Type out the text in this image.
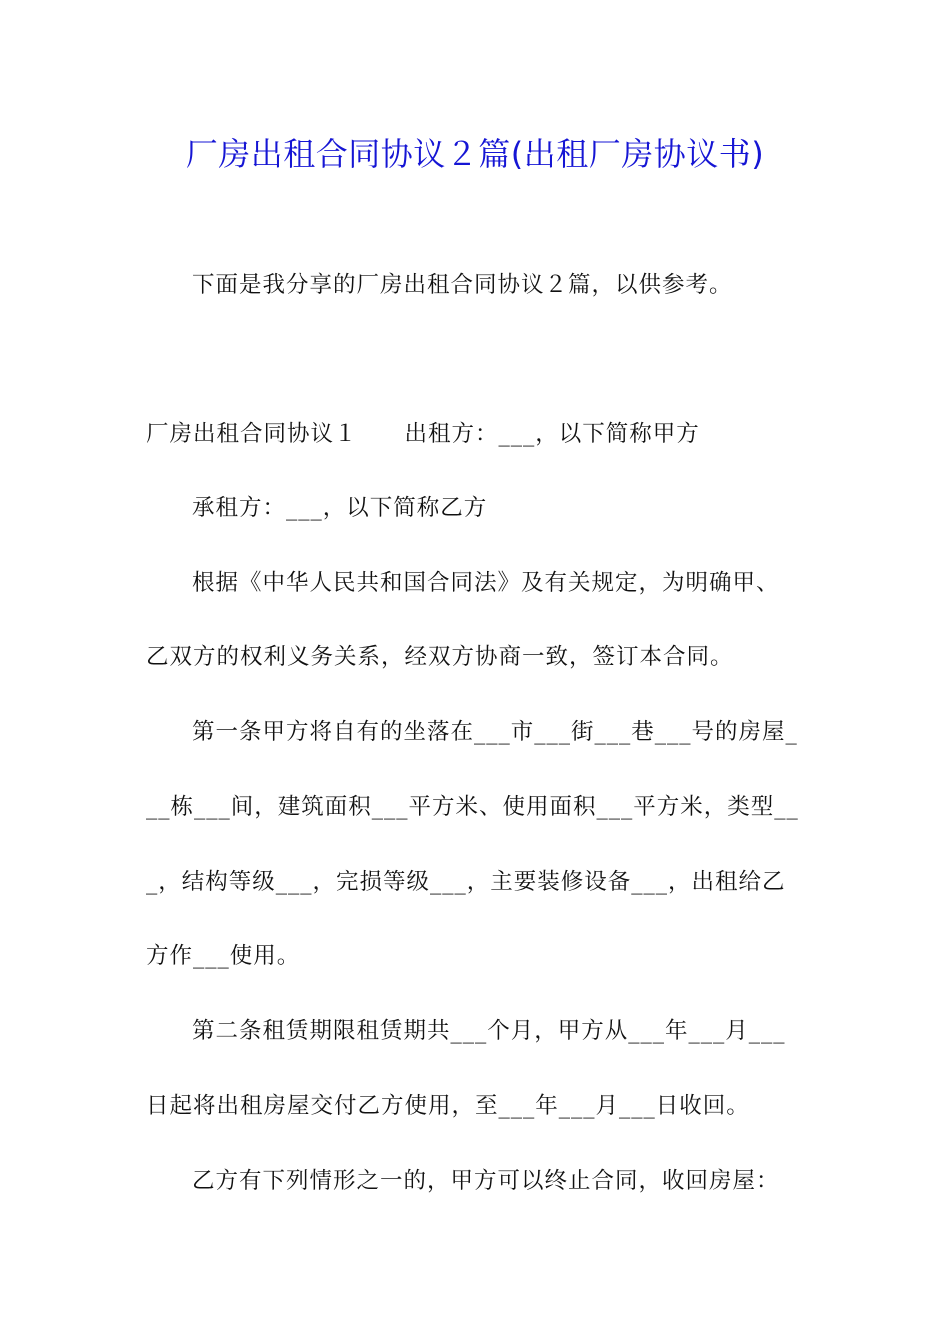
厂房出租合同协议２篇(出租厂房协议书)
下面是我分享的厂房出租合同协议２篇，以供参考。
厂房出租合同协议１　　出租方：___，以下简称甲方
承租方：___，以下简称乙方
根据《中华人民共和国合同法》及有关规定，为明确甲、
乙双方的权利义务关系，经双方协商一致，签订本合同。
第一条甲方将自有的坐落在___市___街___巷___号的房屋_
__栋___间，建筑面积___平方米、使用面积___平方米，类型__
_，结构等级___，完损等级___，主要装修设备___，出租给乙
方作___使用。
第二条租赁期限租赁期共___个月，甲方从___年___月___
日起将出租房屋交付乙方使用，至___年___月___日收回。
乙方有下列情形之一的，甲方可以终止合同，收回房屋：
